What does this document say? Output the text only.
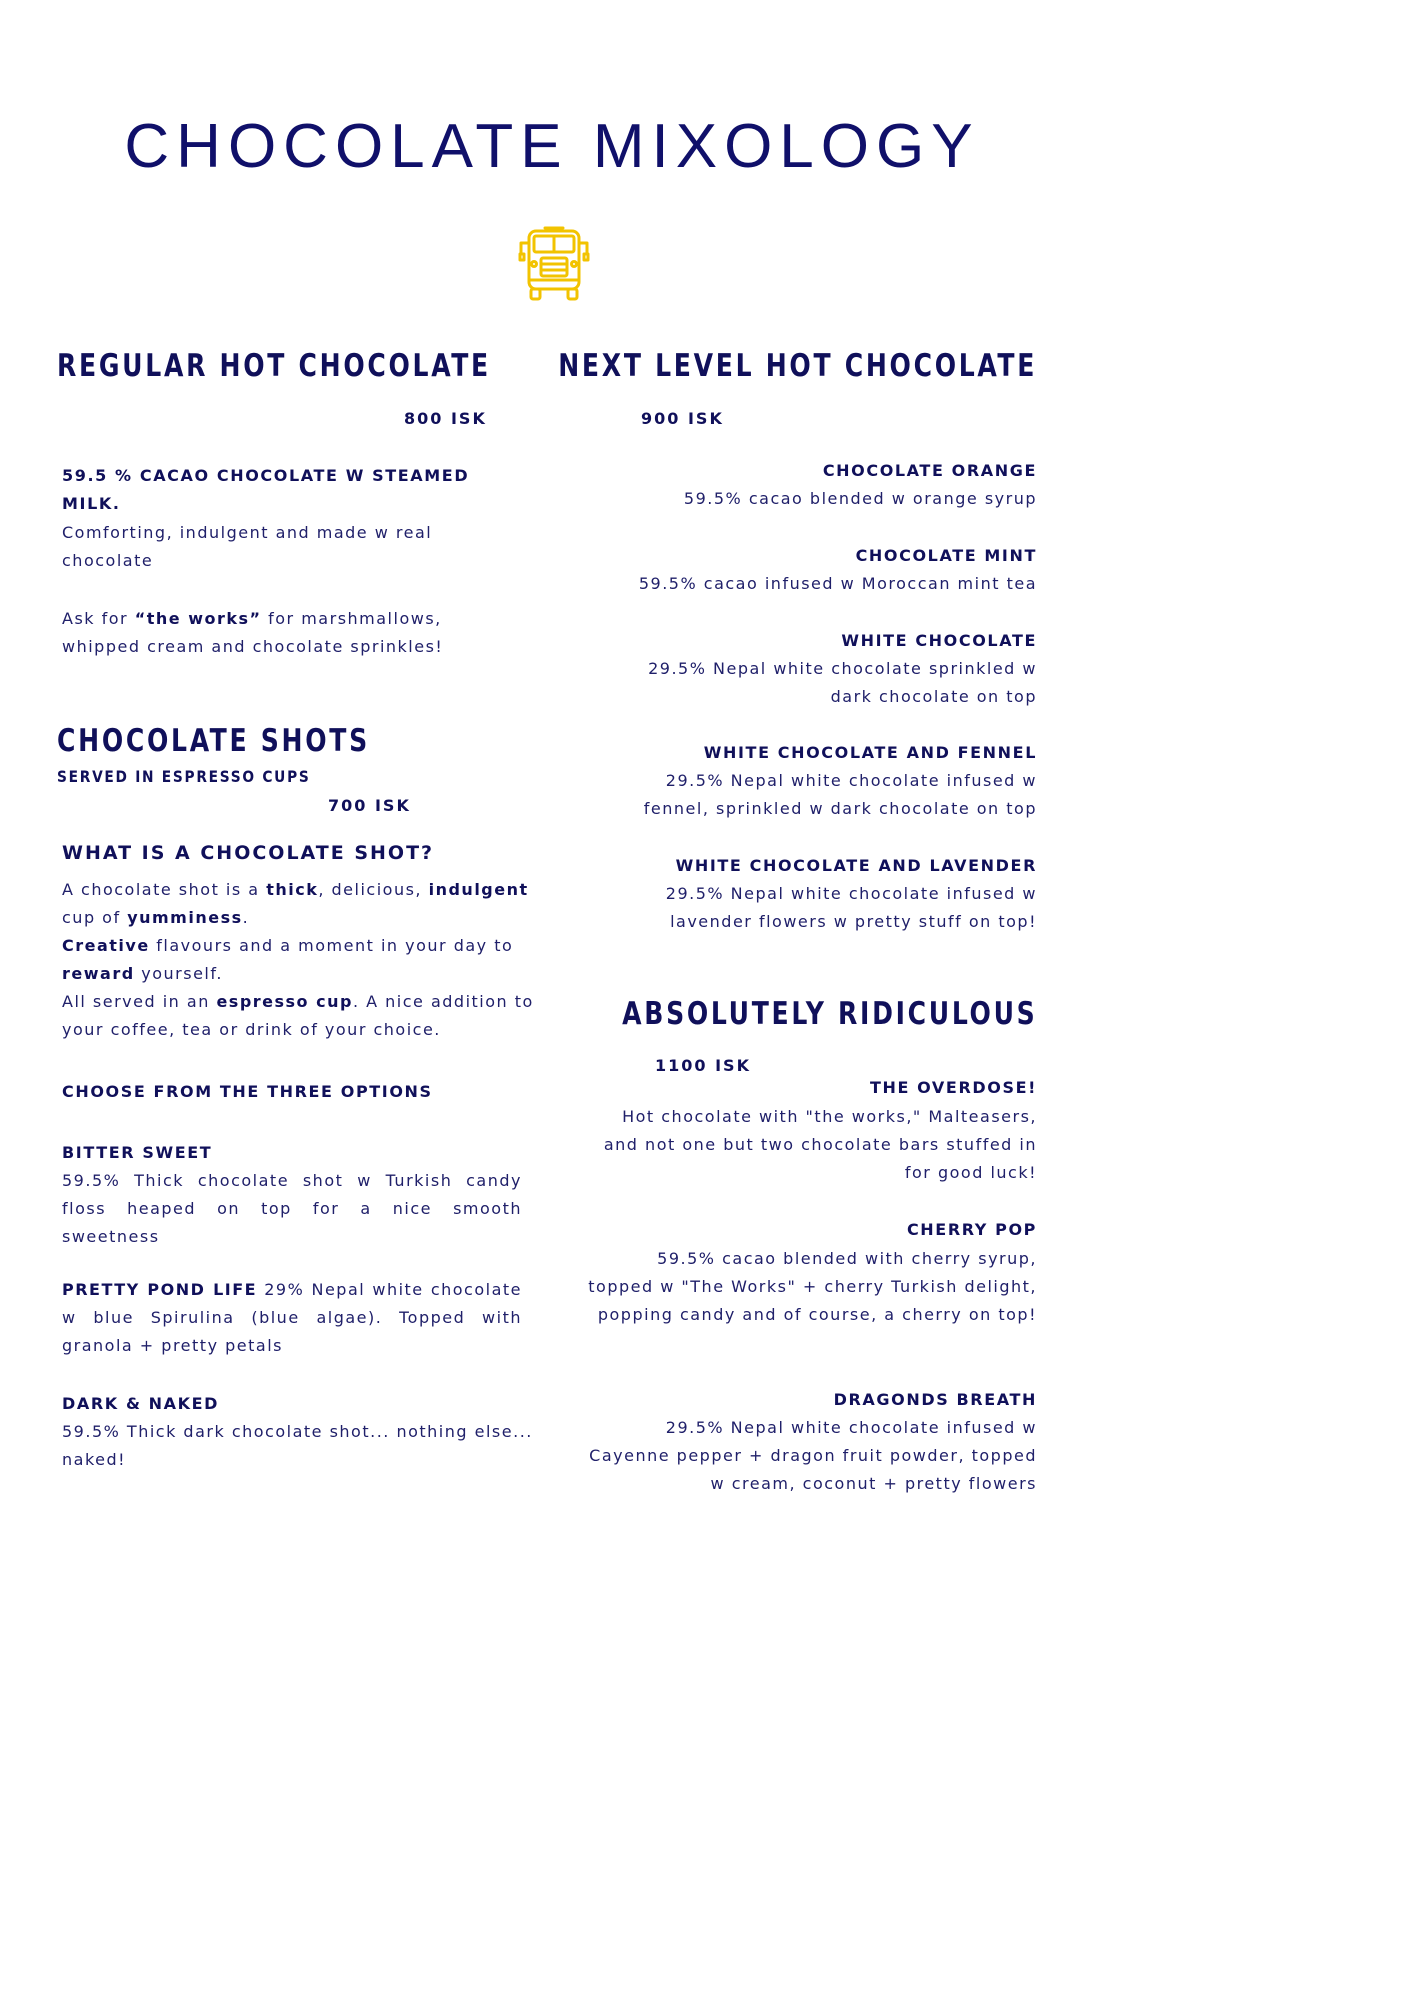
CHOCOLATE MIXOLOGY
REGULAR HOT CHOCOLATE
800 ISK
59.5 % CACAO CHOCOLATE W STEAMED MILK.
Comforting, indulgent and made w real chocolate
Ask for “the works” for marshmallows, whipped cream and chocolate sprinkles!
CHOCOLATE SHOTS
SERVED IN ESPRESSO CUPS
700 ISK
WHAT IS A CHOCOLATE SHOT?
A chocolate shot is a thick, delicious, indulgent cup of yumminess.
Creative flavours and a moment in your day to reward yourself.
All served in an espresso cup. A nice addition to your coffee, tea or drink of your choice.
CHOOSE FROM THE THREE OPTIONS
BITTER SWEET
59.5% Thick chocolate shot w Turkish candy floss heaped on top for a nice smooth sweetness
PRETTY POND LIFE 29% Nepal white chocolate w blue Spirulina (blue algae). Topped with granola + pretty petals
DARK & NAKED
59.5% Thick dark chocolate shot... nothing else... naked!
NEXT LEVEL HOT CHOCOLATE
900 ISK
CHOCOLATE ORANGE
59.5% cacao blended w orange syrup
CHOCOLATE MINT
59.5% cacao infused w Moroccan mint tea
WHITE CHOCOLATE
29.5% Nepal white chocolate sprinkled w dark chocolate on top
WHITE CHOCOLATE AND FENNEL
29.5% Nepal white chocolate infused w fennel, sprinkled w dark chocolate on top
WHITE CHOCOLATE AND LAVENDER
29.5% Nepal white chocolate infused w lavender flowers w pretty stuff on top!
ABSOLUTELY RIDICULOUS
1100 ISK
THE OVERDOSE!
Hot chocolate with "the works," Malteasers, and not one but two chocolate bars stuffed in for good luck!
CHERRY POP
59.5% cacao blended with cherry syrup, topped w "The Works" + cherry Turkish delight, popping candy and of course, a cherry on top!
DRAGONDS BREATH
29.5% Nepal white chocolate infused w Cayenne pepper + dragon fruit powder, topped w cream, coconut + pretty flowers
